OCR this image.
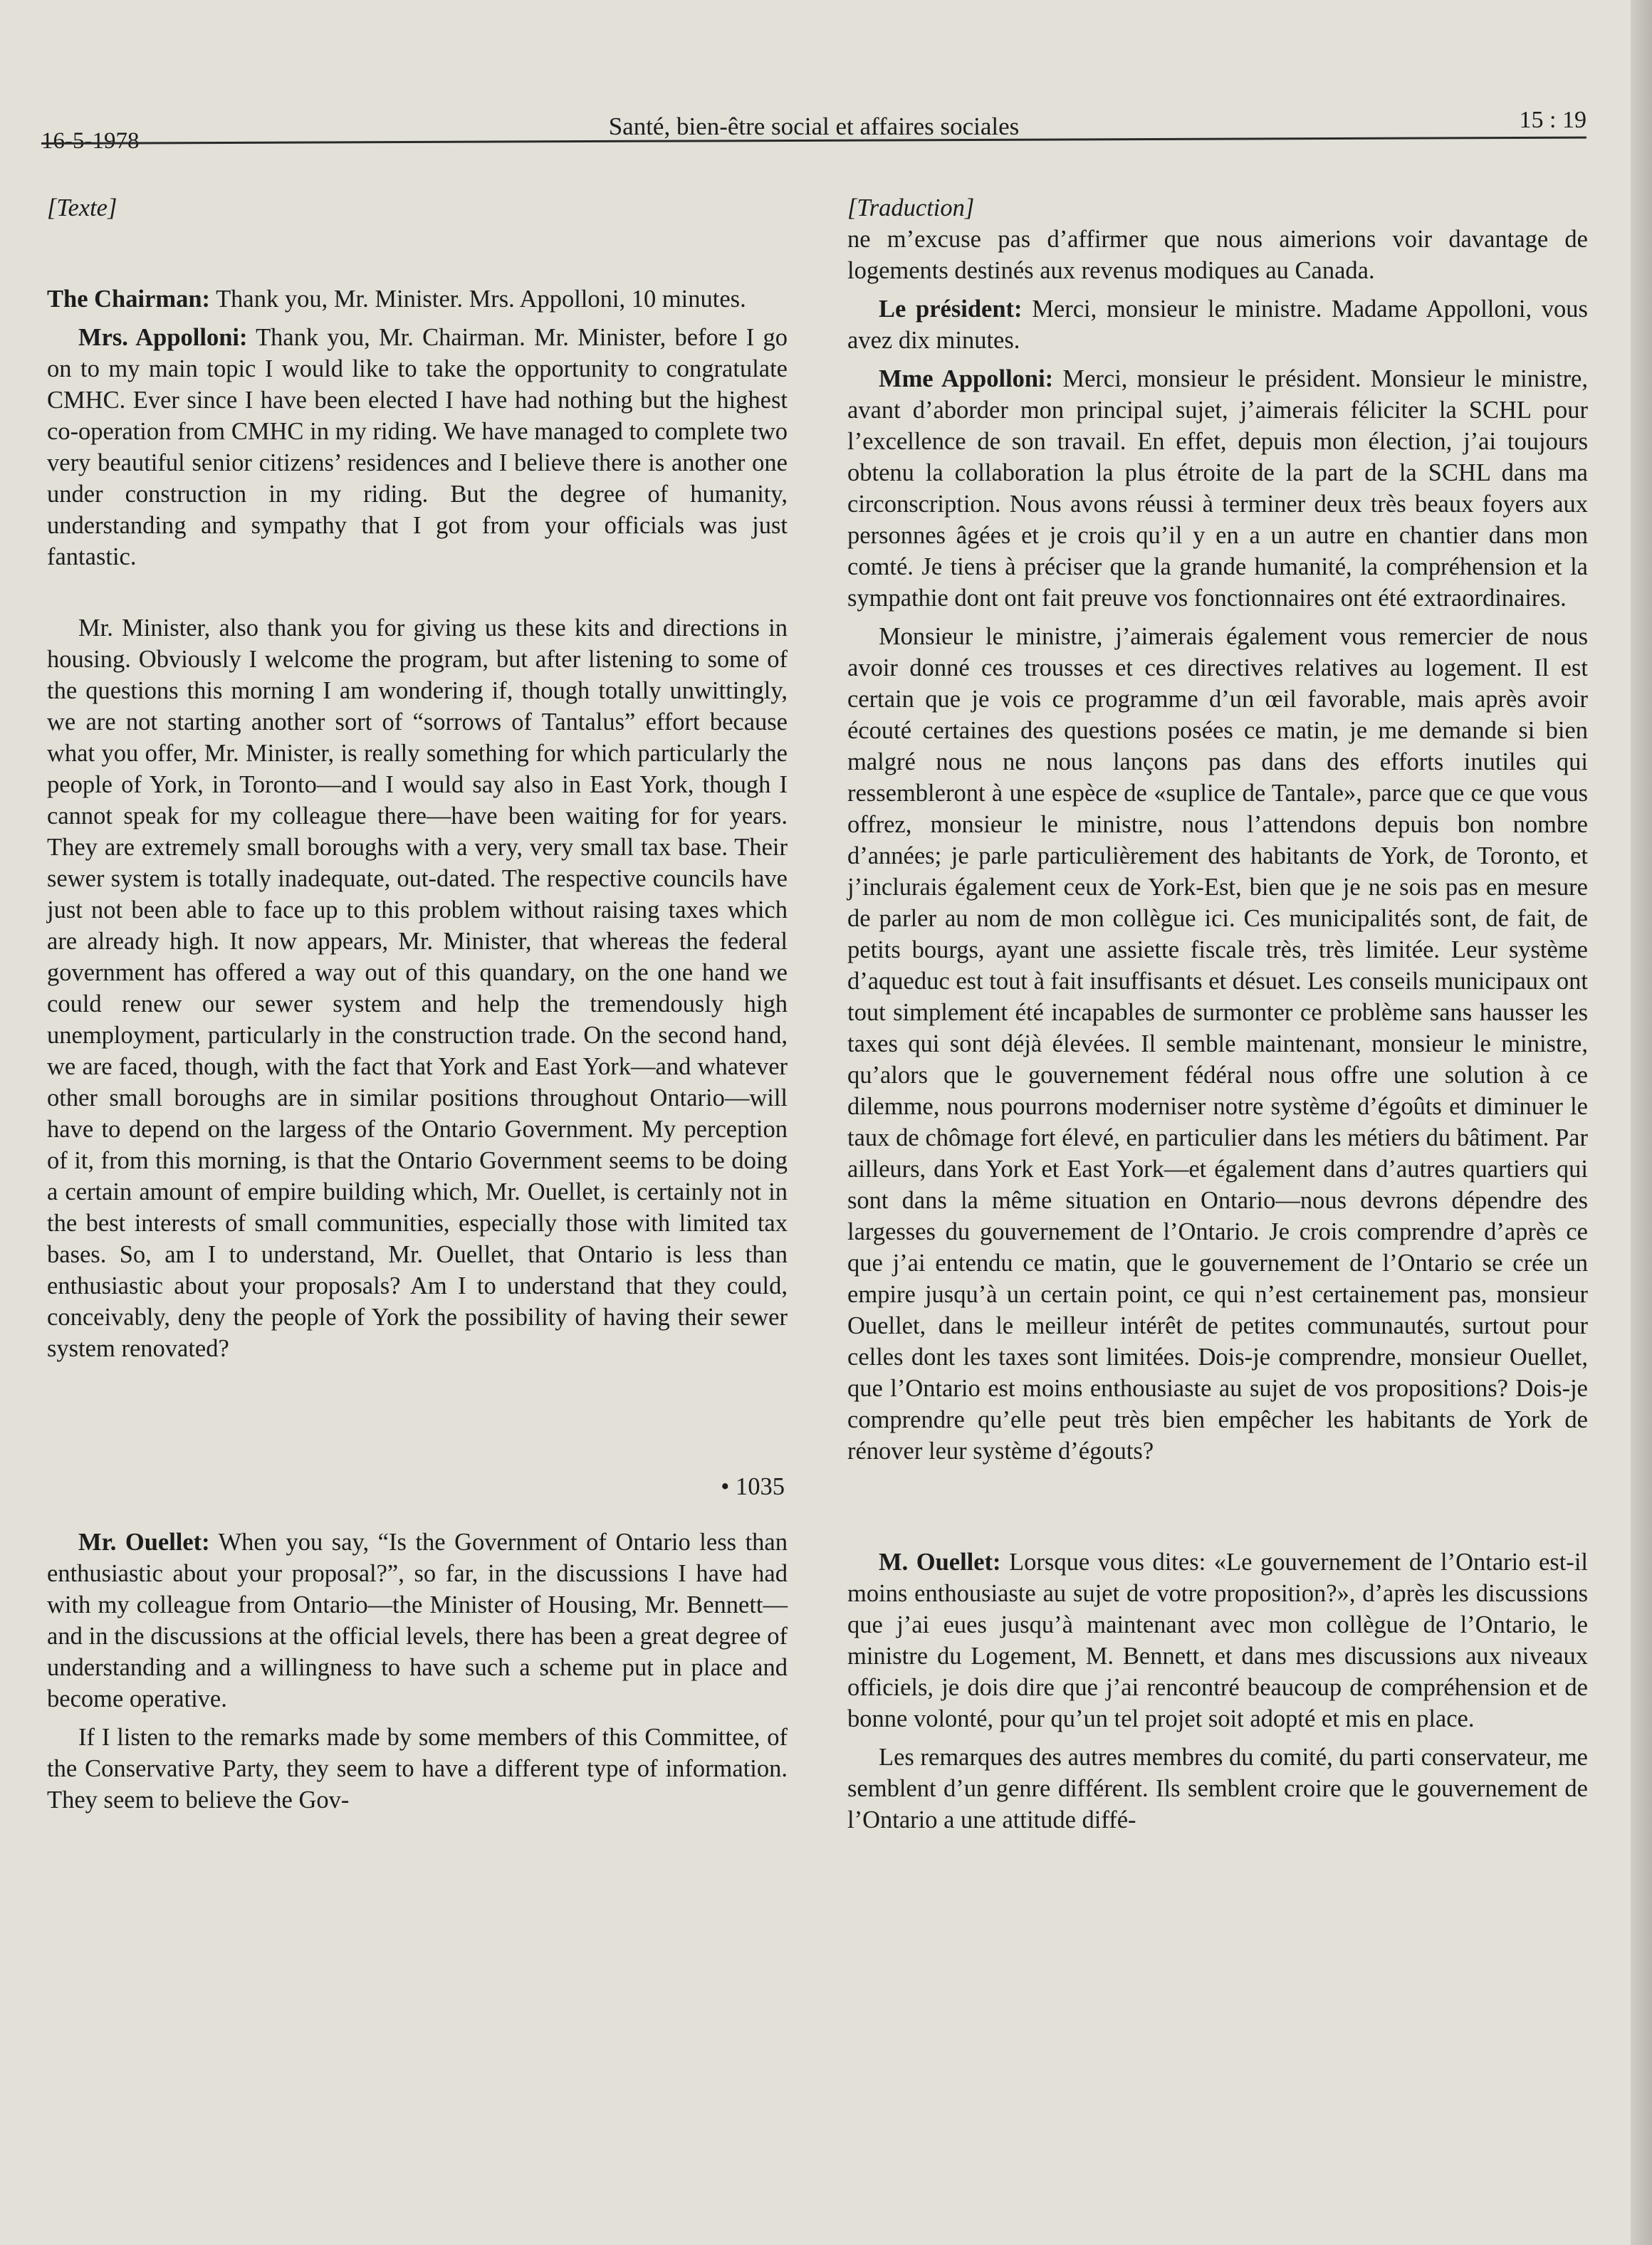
16-5-1978
Santé, bien-être social et affaires sociales	15 : 19

[Texte]

The Chairman: Thank you, Mr. Minister. Mrs. Appolloni, 10 minutes.

Mrs. Appolloni: Thank you, Mr. Chairman. Mr. Minister, before I go on to my main topic I would like to take the opportunity to congratulate CMHC. Ever since I have been elected I have had nothing but the highest co-operation from CMHC in my riding. We have managed to complete two very beautiful senior citizens’ residences and I believe there is another one under construction in my riding. But the degree of humanity, understanding and sympathy that I got from your officials was just fantastic.

Mr. Minister, also thank you for giving us these kits and directions in housing. Obviously I welcome the program, but after listening to some of the questions this morning I am wondering if, though totally unwittingly, we are not starting another sort of “sorrows of Tantalus” effort because what you offer, Mr. Minister, is really something for which particularly the people of York, in Toronto—and I would say also in East York, though I cannot speak for my colleague there—have been waiting for for years. They are extremely small boroughs with a very, very small tax base. Their sewer system is totally inadequate, out-dated. The respective councils have just not been able to face up to this problem without raising taxes which are already high. It now appears, Mr. Minister, that whereas the federal government has offered a way out of this quandary, on the one hand we could renew our sewer system and help the tremendously high unemployment, particularly in the construction trade. On the second hand, we are faced, though, with the fact that York and East York—and whatever other small boroughs are in similar positions throughout Ontario—will have to depend on the largess of the Ontario Government. My perception of it, from this morning, is that the Ontario Government seems to be doing a certain amount of empire building which, Mr. Ouellet, is certainly not in the best interests of small communities, especially those with limited tax bases. So, am I to understand, Mr. Ouellet, that Ontario is less than enthusiastic about your proposals? Am I to understand that they could, conceivably, deny the people of York the possibility of having their sewer system renovated?

• 1035

Mr. Ouellet: When you say, “Is the Government of Ontario less than enthusiastic about your proposal?”, so far, in the discussions I have had with my colleague from Ontario—the Minister of Housing, Mr. Bennett—and in the discussions at the official levels, there has been a great degree of understanding and a willingness to have such a scheme put in place and become operative.

If I listen to the remarks made by some members of this Committee, of the Conservative Party, they seem to have a different type of information. They seem to believe the Gov-

[Traduction]

ne m’excuse pas d’affirmer que nous aimerions voir davantage de logements destinés aux revenus modiques au Canada.

Le président: Merci, monsieur le ministre. Madame Appolloni, vous avez dix minutes.

Mme Appolloni: Merci, monsieur le président. Monsieur le ministre, avant d’aborder mon principal sujet, j’aimerais féliciter la SCHL pour l’excellence de son travail. En effet, depuis mon élection, j’ai toujours obtenu la collaboration la plus étroite de la part de la SCHL dans ma circonscription. Nous avons réussi à terminer deux très beaux foyers aux personnes âgées et je crois qu’il y en a un autre en chantier dans mon comté. Je tiens à préciser que la grande humanité, la compréhension et la sympathie dont ont fait preuve vos fonctionnaires ont été extraordinaires.

Monsieur le ministre, j’aimerais également vous remercier de nous avoir donné ces trousses et ces directives relatives au logement. Il est certain que je vois ce programme d’un œil favorable, mais après avoir écouté certaines des questions posées ce matin, je me demande si bien malgré nous ne nous lançons pas dans des efforts inutiles qui ressembleront à une espèce de «suplice de Tantale», parce que ce que vous offrez, monsieur le ministre, nous l’attendons depuis bon nombre d’années; je parle particulièrement des habitants de York, de Toronto, et j’inclurais également ceux de York-Est, bien que je ne sois pas en mesure de parler au nom de mon collègue ici. Ces municipalités sont, de fait, de petits bourgs, ayant une assiette fiscale très, très limitée. Leur système d’aqueduc est tout à fait insuffisants et désuet. Les conseils municipaux ont tout simplement été incapables de surmonter ce problème sans hausser les taxes qui sont déjà élevées. Il semble maintenant, monsieur le ministre, qu’alors que le gouvernement fédéral nous offre une solution à ce dilemme, nous pourrons moderniser notre système d’égoûts et diminuer le taux de chômage fort élevé, en particulier dans les métiers du bâtiment. Par ailleurs, dans York et East York—et également dans d’autres quartiers qui sont dans la même situation en Ontario—nous devrons dépendre des largesses du gouvernement de l’Ontario. Je crois comprendre d’après ce que j’ai entendu ce matin, que le gouvernement de l’Ontario se crée un empire jusqu’à un certain point, ce qui n’est certainement pas, monsieur Ouellet, dans le meilleur intérêt de petites communautés, surtout pour celles dont les taxes sont limitées. Dois-je comprendre, monsieur Ouellet, que l’Ontario est moins enthousiaste au sujet de vos propositions? Dois-je comprendre qu’elle peut très bien empêcher les habitants de York de rénover leur système d’égouts?

M. Ouellet: Lorsque vous dites: «Le gouvernement de l’Ontario est-il moins enthousiaste au sujet de votre proposition?», d’après les discussions que j’ai eues jusqu’à maintenant avec mon collègue de l’Ontario, le ministre du Logement, M. Bennett, et dans mes discussions aux niveaux officiels, je dois dire que j’ai rencontré beaucoup de compréhension et de bonne volonté, pour qu’un tel projet soit adopté et mis en place.

Les remarques des autres membres du comité, du parti conservateur, me semblent d’un genre différent. Ils semblent croire que le gouvernement de l’Ontario a une attitude diffé-
